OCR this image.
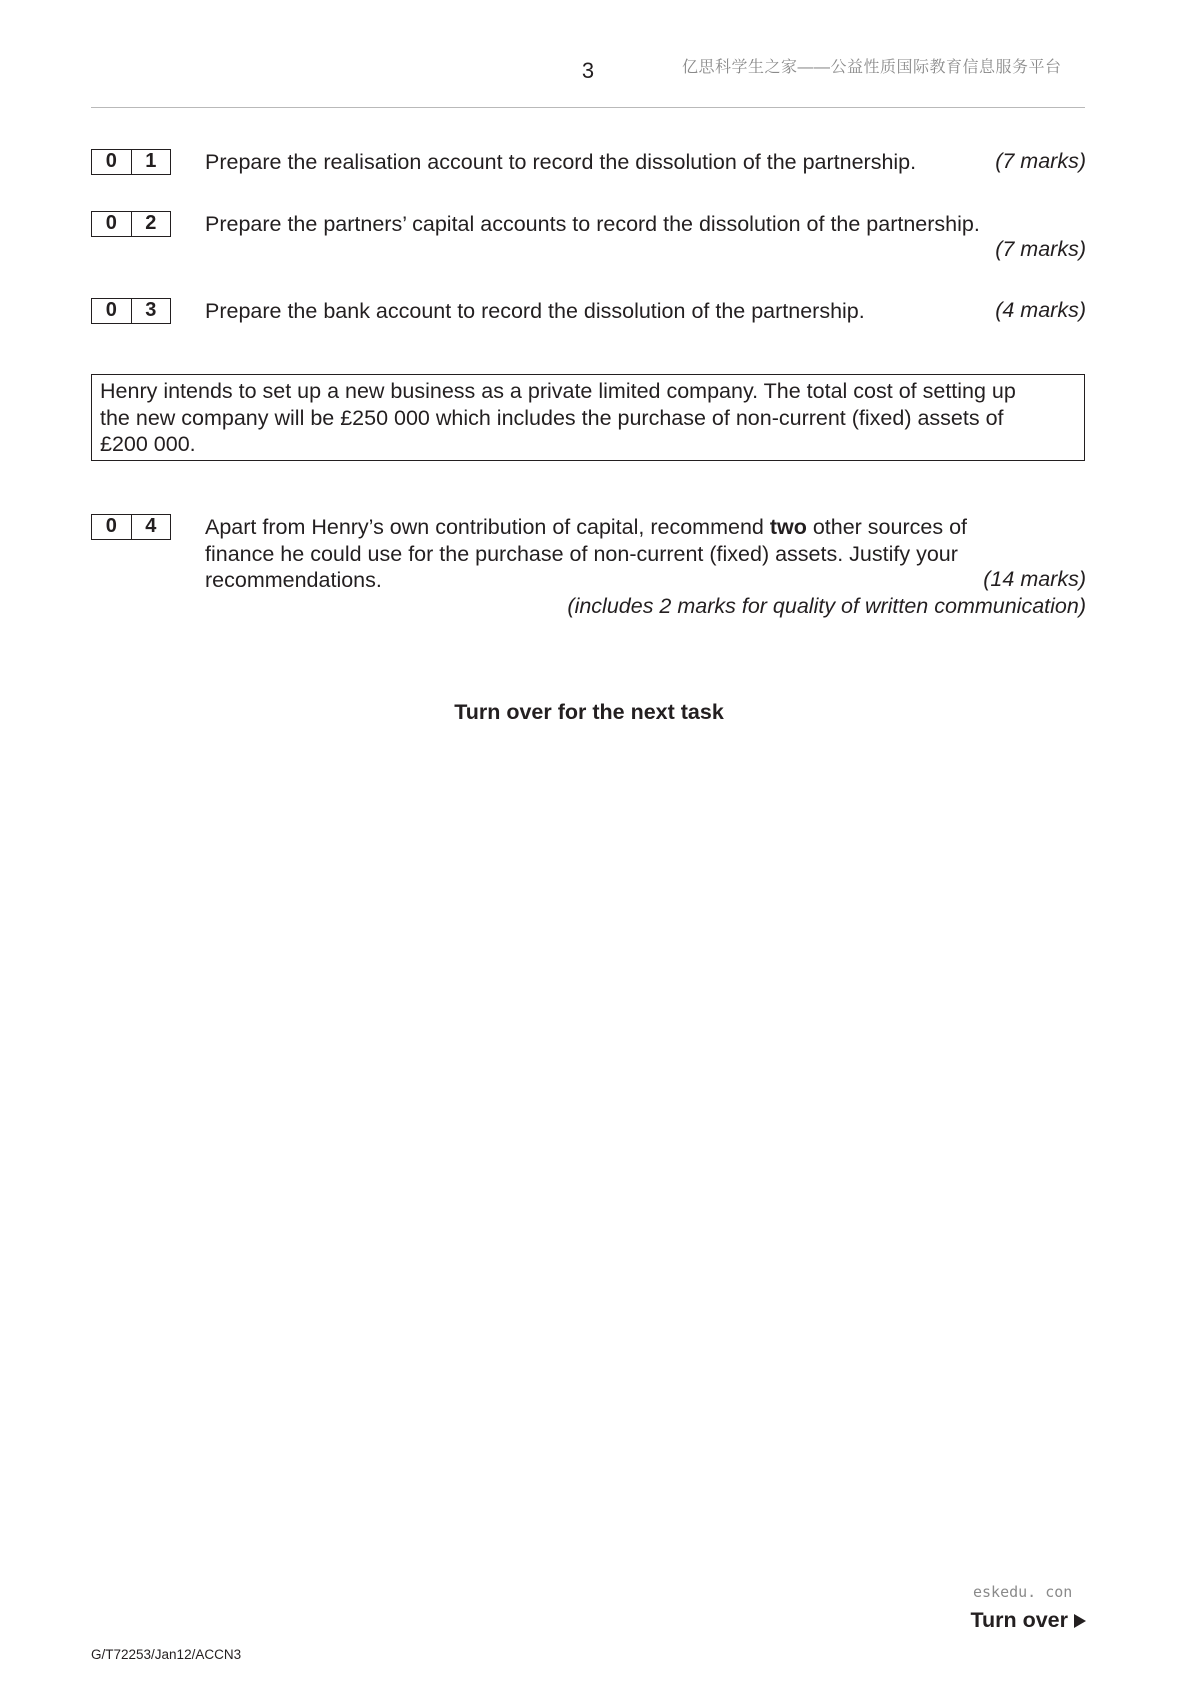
3	亿思科学生之家——公益性质国际教育信息服务平台
0	1	Prepare the realisation account to record the dissolution of the partnership.	(7 marks)
0	2	Prepare the partners’ capital accounts to record the dissolution of the partnership.
(7 marks)
0	3	Prepare the bank account to record the dissolution of the partnership.	(4 marks)
Henry intends to set up a new business as a private limited company. The total cost of setting up
the new company will be £250 000 which includes the purchase of non-current (fixed) assets of
£200 000.
0	4	Apart from Henry’s own contribution of capital, recommend two other sources of
finance he could use for the purchase of non-current (fixed) assets. Justify your
recommendations.	(14 marks)
(includes 2 marks for quality of written communication)
Turn over for the next task
eskedu. con
Turn over
G/T72253/Jan12/ACCN3
